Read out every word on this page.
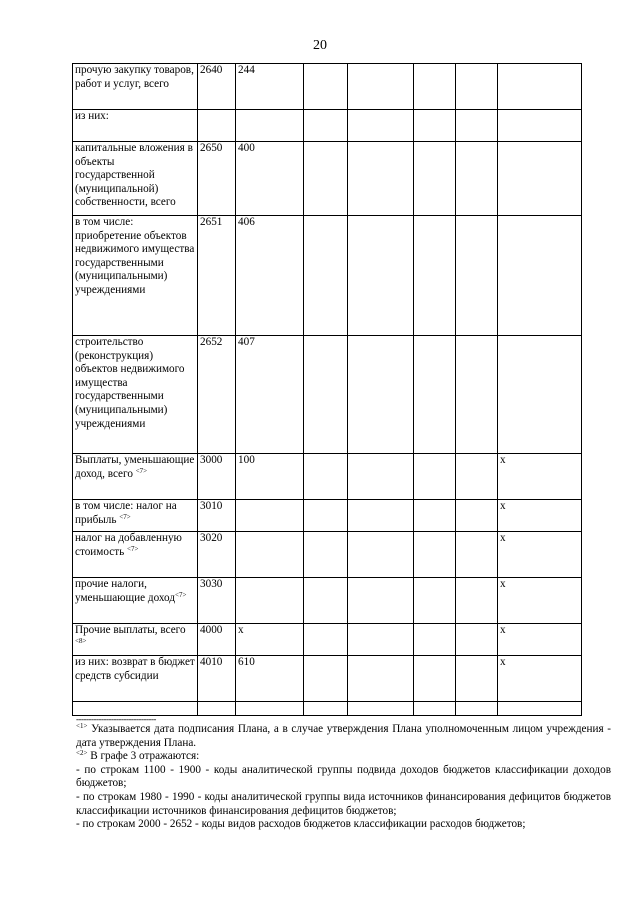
20
прочую закупку товаров, работ и услуг, всего	2640	244					
из них:							
капитальные вложения в объекты государственной (муниципальной) собственности, всего	2650	400					
в том числе: приобретение объектов недвижимого имущества государственными (муниципальными) учреждениями	2651	406					
строительство (реконструкция) объектов недвижимого имущества государственными (муниципальными) учреждениями	2652	407					
Выплаты, уменьшающие доход, всего $^{<7>}$	3000	100					х
в том числе: налог на прибыль $^{<7>}$	3010						х
налог на добавленную стоимость $^{<7>}$	3020						х
прочие налоги, уменьшающие доход$^{<7>}$	3030						х
Прочие выплаты, всего $^{<8>}$	4000	х					х
из них: возврат в бюджет средств субсидии	4010	610					х

--------------------------------

$^{<1>}$ Указывается дата подписания Плана, а в случае утверждения Плана уполномоченным лицом учреждения - дата утверждения Плана.

$^{<2>}$ В графе 3 отражаются:

- по строкам 1100 - 1900 - коды аналитической группы подвида доходов бюджетов классификации доходов бюджетов;

- по строкам 1980 - 1990 - коды аналитической группы вида источников финансирования дефицитов бюджетов классификации источников финансирования дефицитов бюджетов;

- по строкам 2000 - 2652 - коды видов расходов бюджетов классификации расходов бюджетов;
